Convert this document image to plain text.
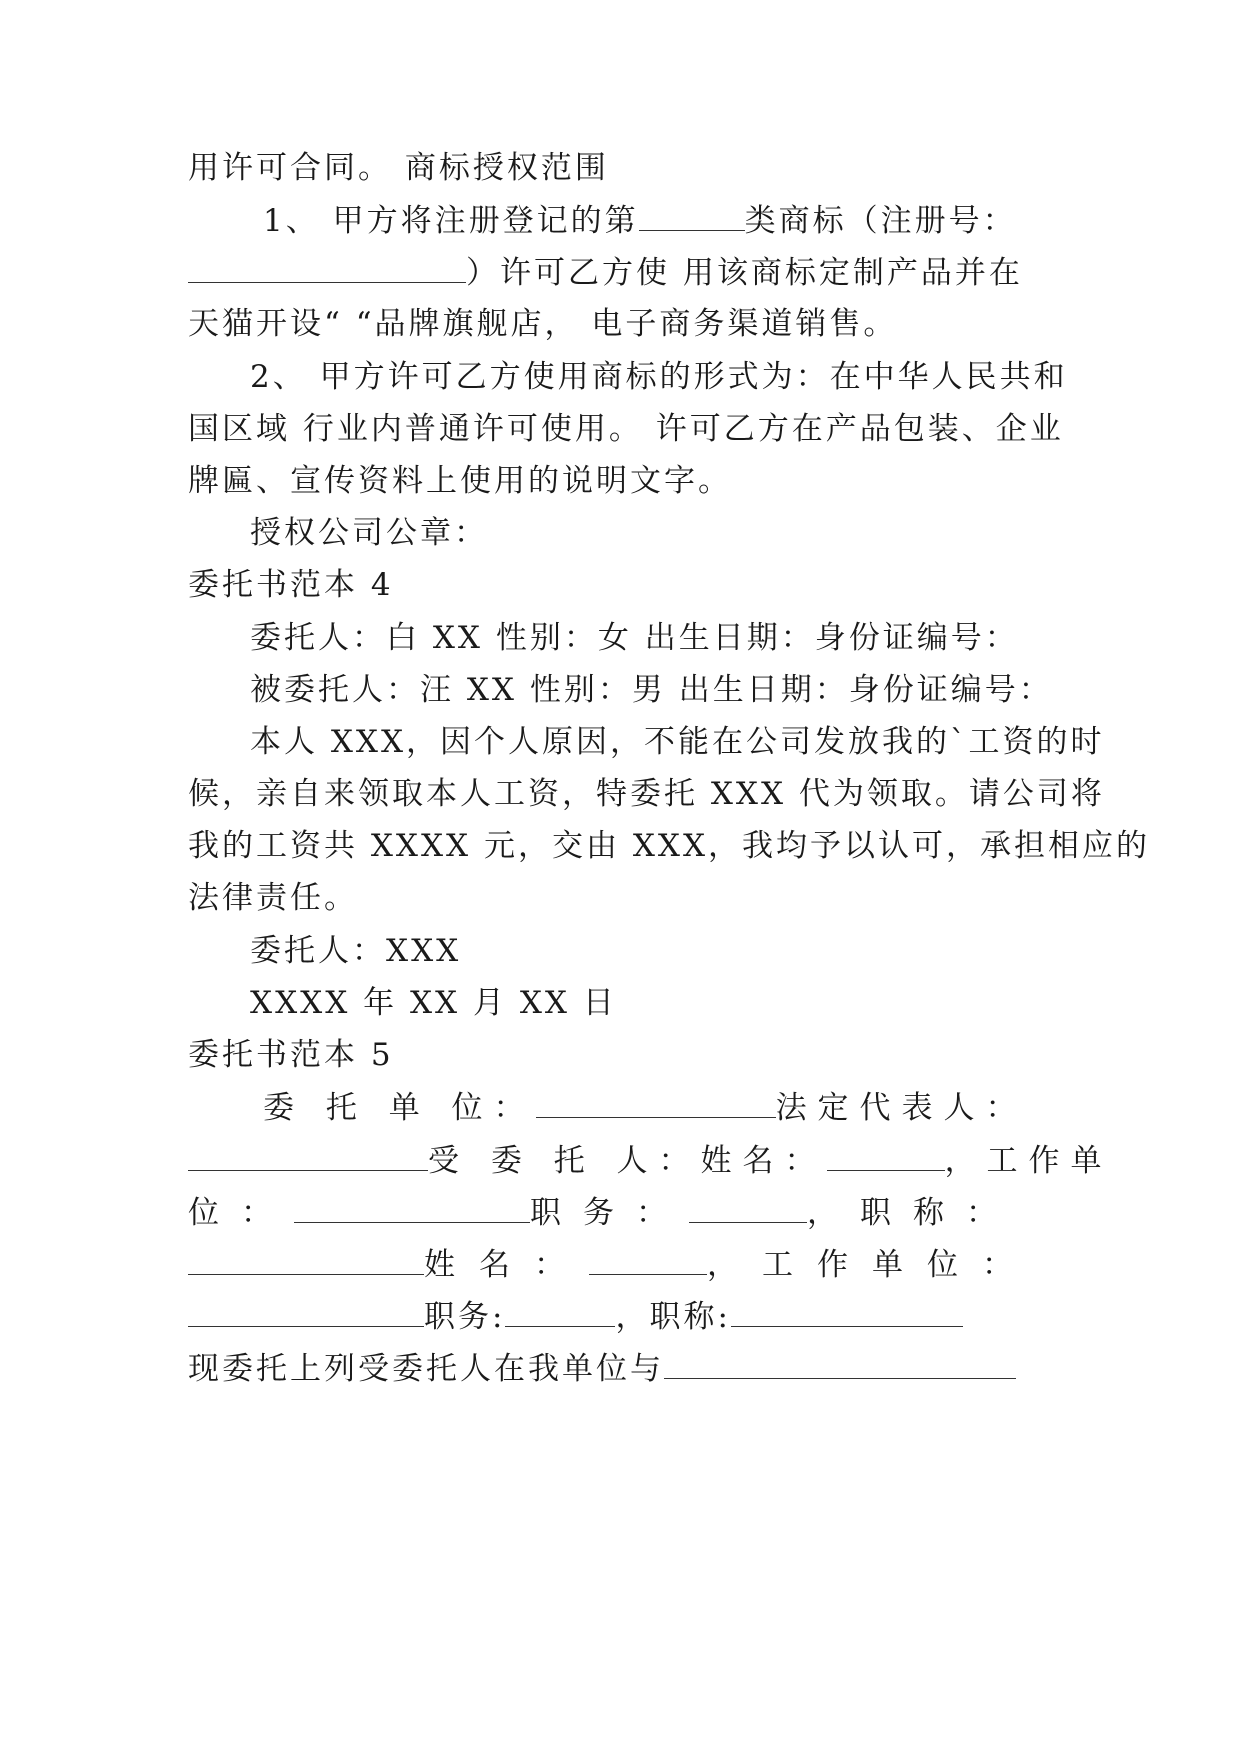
用许可合同。 商标授权范围
1、 甲方将注册登记的第	类商标（注册号：
）许可乙方使 用该商标定制产品并在
天猫开设“ “品牌旗舰店， 电子商务渠道销售。
2、 甲方许可乙方使用商标的形式为：在中华人民共和
国区域 行业内普通许可使用。 许可乙方在产品包装、企业
牌匾、宣传资料上使用的说明文字。
授权公司公章：
委托书范本 4
委托人：白 XX 性别：女 出生日期：身份证编号：
被委托人：汪 XX 性别：男 出生日期：身份证编号：
本人 XXX，因个人原因，不能在公司发放我的`工资的时
候，亲自来领取本人工资，特委托 XXX 代为领取。请公司将
我的工资共 XXXX 元，交由 XXX，我均予以认可，承担相应的
法律责任。
委托人：XXX
XXXX 年 XX 月 XX 日
委托书范本 5
委 托 单 位：	法定代表人：
受 委 托 人：姓名：	，工作单
位：	职务：	，职称：
姓名：	，工作单位：
职务:	，职称:
现委托上列受委托人在我单位与
